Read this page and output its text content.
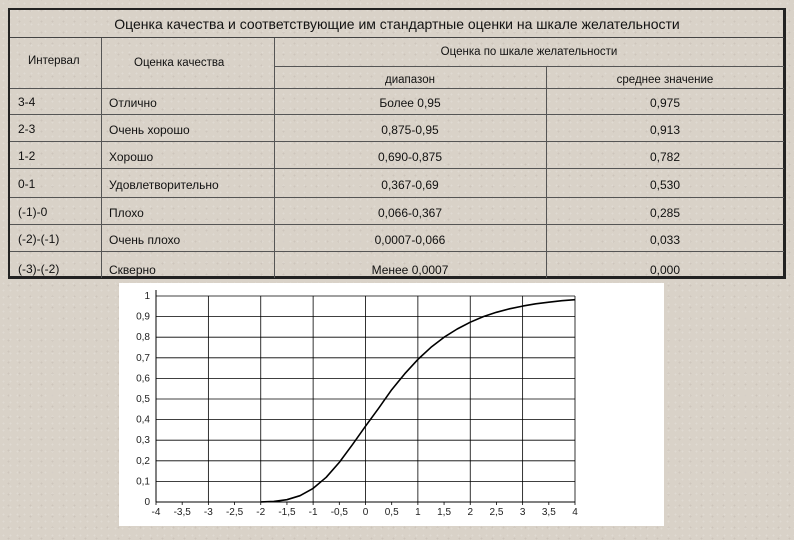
Оценка качества и соответствующие им стандартные оценки на шкале желательности
Интервал	Оценка качества
Оценка по шкале желательности
диапазон	среднее значение
3-4	Отлично	Более 0,95	0,975
2-3	Очень хорошо	0,875-0,95	0,913
1-2	Хорошо	0,690-0,875	0,782
0-1	Удовлетворительно	0,367-0,69	0,530
(-1)-0	Плохо	0,066-0,367	0,285
(-2)-(-1)	Очень плохо	0,0007-0,066	0,033
(-3)-(-2)	Скверно	Менее 0,0007	0,000
0
0,1
0,2
0,3
0,4
0,5
0,6
0,7
0,8
0,9
1
-4 -3,5 -3 -2,5 -2 -1,5 -1 -0,5 0 0,5 1 1,5 2 2,5 3 3,5 4
